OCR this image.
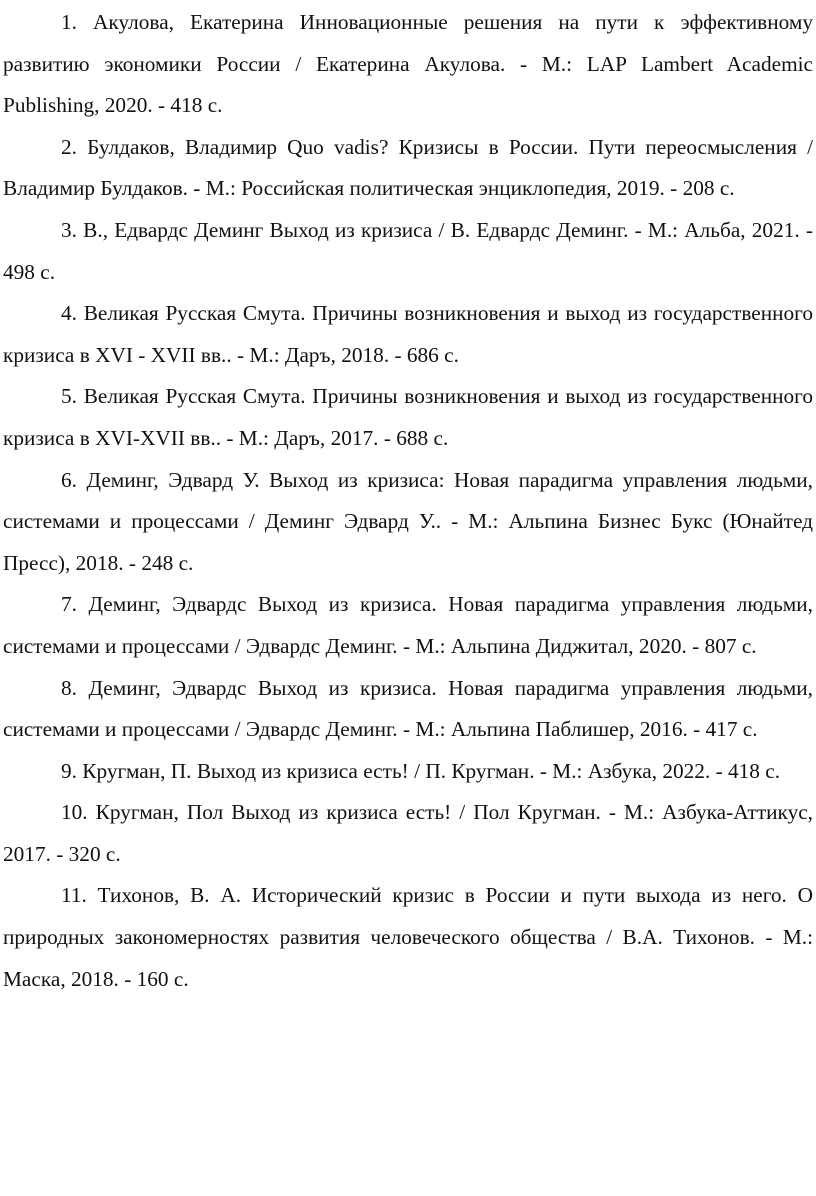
1. Акулова, Екатерина Инновационные решения на пути к эффективному развитию экономики России / Екатерина Акулова. - М.: LAP Lambert Academic Publishing, 2020. - 418 с.

2. Булдаков, Владимир Quo vadis? Кризисы в России. Пути переосмысления / Владимир Булдаков. - М.: Российская политическая энциклопедия, 2019. - 208 с.

3. В., Едвардс Деминг Выход из кризиса / В. Едвардс Деминг. - М.: Альба, 2021. - 498 с.

4. Великая Русская Смута. Причины возникновения и выход из государственного кризиса в XVI - XVII вв.. - М.: Даръ, 2018. - 686 с.

5. Великая Русская Смута. Причины возникновения и выход из государственного кризиса в XVI-XVII вв.. - М.: Даръ, 2017. - 688 с.

6. Деминг, Эдвард У. Выход из кризиса: Новая парадигма управления людьми, системами и процессами / Деминг Эдвард У.. - М.: Альпина Бизнес Букс (Юнайтед Пресс), 2018. - 248 с.

7. Деминг, Эдвардс Выход из кризиса. Новая парадигма управления людьми, системами и процессами / Эдвардс Деминг. - М.: Альпина Диджитал, 2020. - 807 с.

8. Деминг, Эдвардс Выход из кризиса. Новая парадигма управления людьми, системами и процессами / Эдвардс Деминг. - М.: Альпина Паблишер, 2016. - 417 с.

9. Кругман, П. Выход из кризиса есть! / П. Кругман. - М.: Азбука, 2022. - 418 с.

10. Кругман, Пол Выход из кризиса есть! / Пол Кругман. - М.: Азбука-Аттикус, 2017. - 320 с.

11. Тихонов, В. А. Исторический кризис в России и пути выхода из него. О природных закономерностях развития человеческого общества / В.А. Тихонов. - М.: Маска, 2018. - 160 с.
